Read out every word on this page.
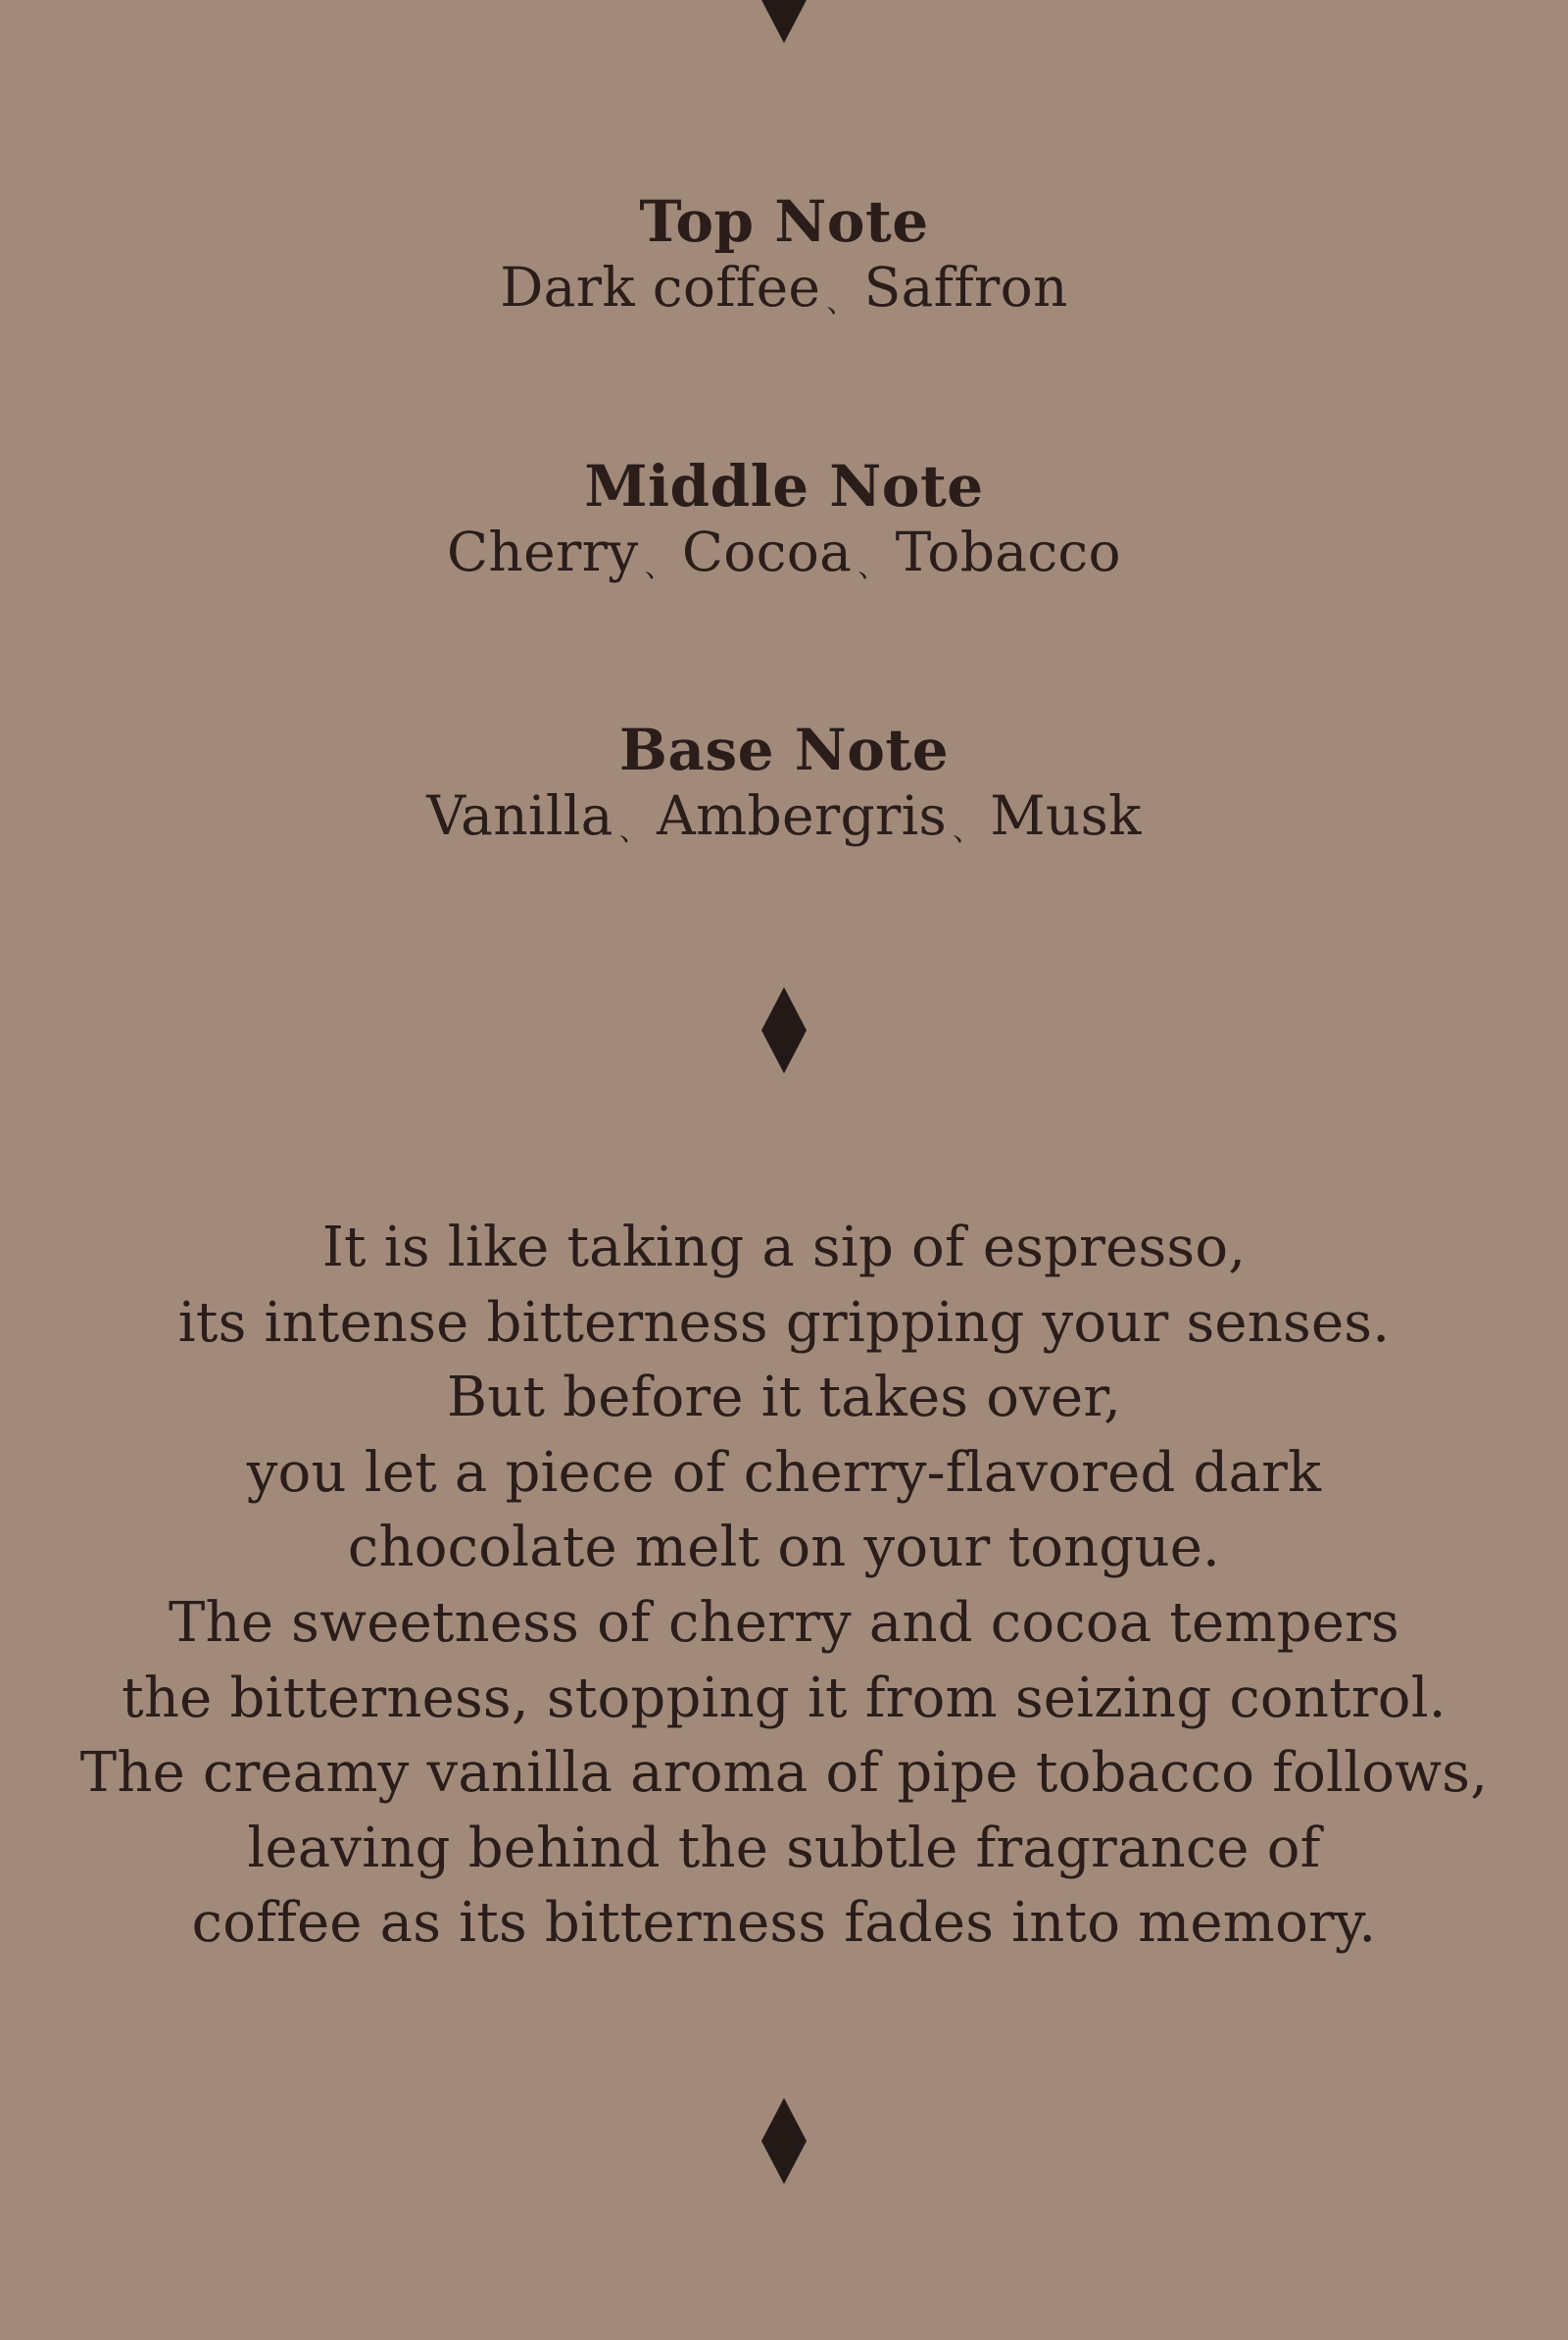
Top Note
Dark coffee 、 Saffron
Middle Note
Cherry 、 Cocoa 、 Tobacco
Base Note
Vanilla 、 Ambergris 、 Musk
It is like taking a sip of espresso,
its intense bitterness gripping your senses.
But before it takes over,
you let a piece of cherry-flavored dark
chocolate melt on your tongue.
The sweetness of cherry and cocoa tempers
the bitterness, stopping it from seizing control.
The creamy vanilla aroma of pipe tobacco follows,
leaving behind the subtle fragrance of
coffee as its bitterness fades into memory.
